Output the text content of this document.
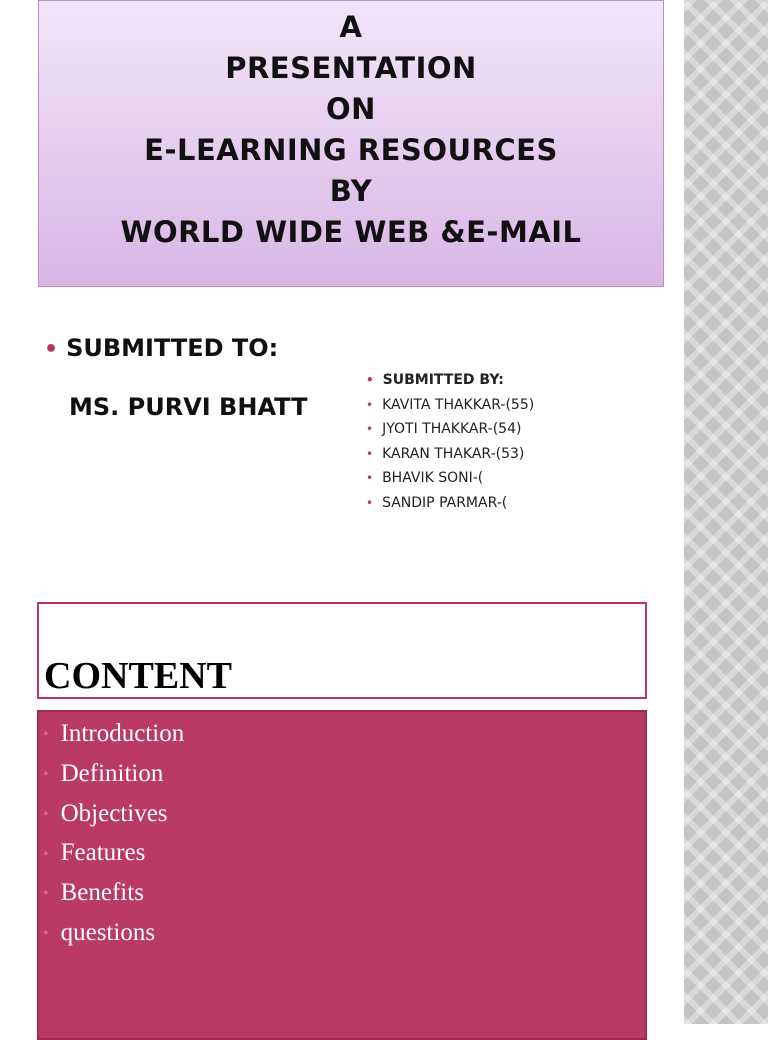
A
PRESENTATION
ON
E-LEARNING RESOURCES
BY
WORLD WIDE WEB &E-MAIL
• SUBMITTED TO:
MS. PURVI BHATT
• SUBMITTED BY:
• KAVITA THAKKAR-(55)
• JYOTI THAKKAR-(54)
• KARAN THAKAR-(53)
• BHAVIK SONI-(
• SANDIP PARMAR-(
CONTENT
• Introduction
• Definition
• Objectives
• Features
• Benefits
• questions
